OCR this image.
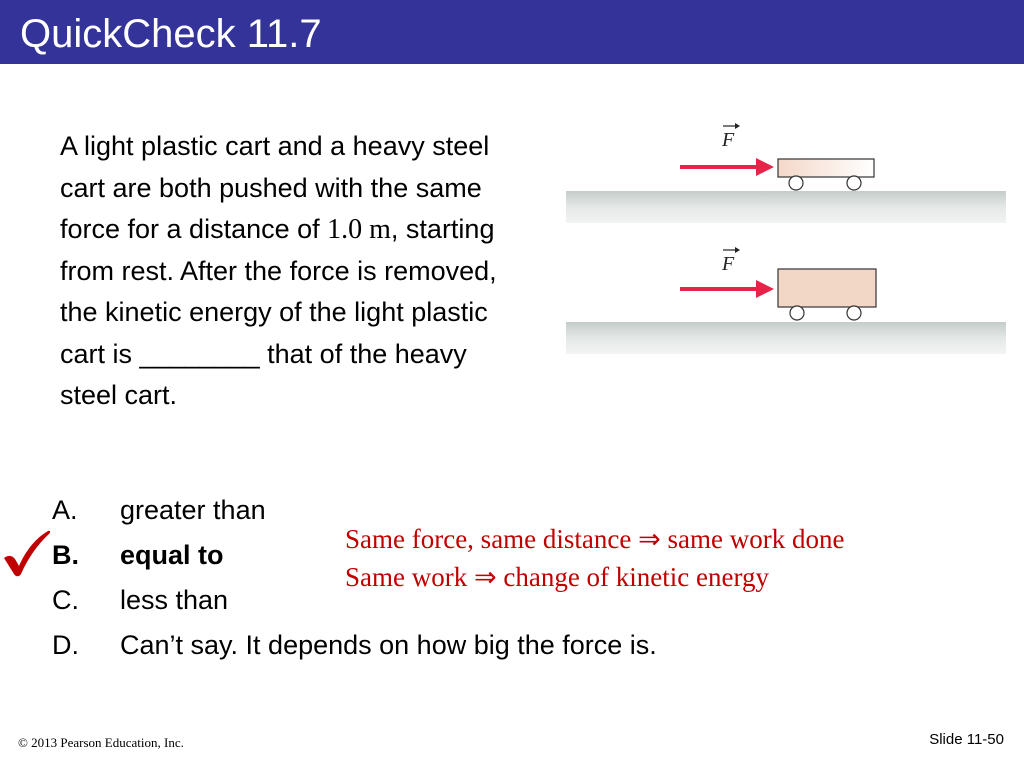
QuickCheck 11.7
A light plastic cart and a heavy steel cart are both pushed with the same force for a distance of 1.0 m, starting from rest. After the force is removed, the kinetic energy of the light plastic cart is ________ that of the heavy steel cart.
F
F
A. greater than
B. equal to
C. less than
D. Can’t say. It depends on how big the force is.
Same force, same distance ⇒ same work done
Same work ⇒ change of kinetic energy
© 2013 Pearson Education, Inc.	Slide 11-50
